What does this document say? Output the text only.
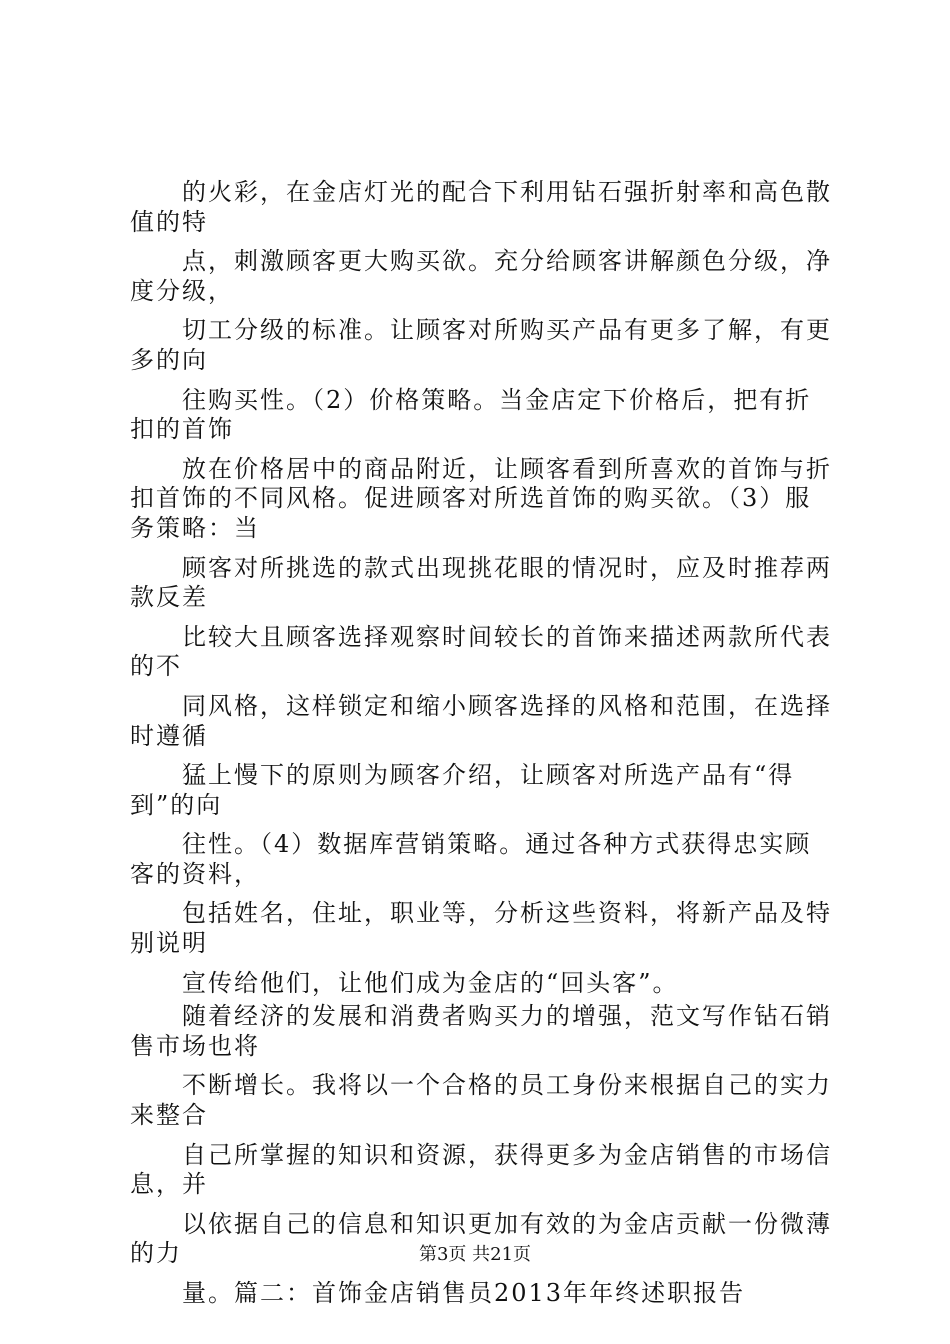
的火彩，在金店灯光的配合下利用钻石强折射率和高色散值的特

点，刺激顾客更大购买欲。充分给顾客讲解颜色分级，净度分级，

切工分级的标准。让顾客对所购买产品有更多了解，有更多的向

往购买性。（2）价格策略。当金店定下价格后，把有折扣的首饰

放在价格居中的商品附近，让顾客看到所喜欢的首饰与折扣首饰的不同风格。促进顾客对所选首饰的购买欲。（3）服务策略：当

顾客对所挑选的款式出现挑花眼的情况时，应及时推荐两款反差

比较大且顾客选择观察时间较长的首饰来描述两款所代表的不

同风格，这样锁定和缩小顾客选择的风格和范围，在选择时遵循

猛上慢下的原则为顾客介绍，让顾客对所选产品有“得到”的向

往性。（4）数据库营销策略。通过各种方式获得忠实顾客的资料，

包括姓名，住址，职业等，分析这些资料，将新产品及特别说明

宣传给他们，让他们成为金店的“回头客”。

随着经济的发展和消费者购买力的增强，范文写作钻石销售市场也将

不断增长。我将以一个合格的员工身份来根据自己的实力来整合

自己所掌握的知识和资源，获得更多为金店销售的市场信息，并

以依据自己的信息和知识更加有效的为金店贡献一份微薄的力

量。篇二：首饰金店销售员2013年年终述职报告

第3页 共21页
